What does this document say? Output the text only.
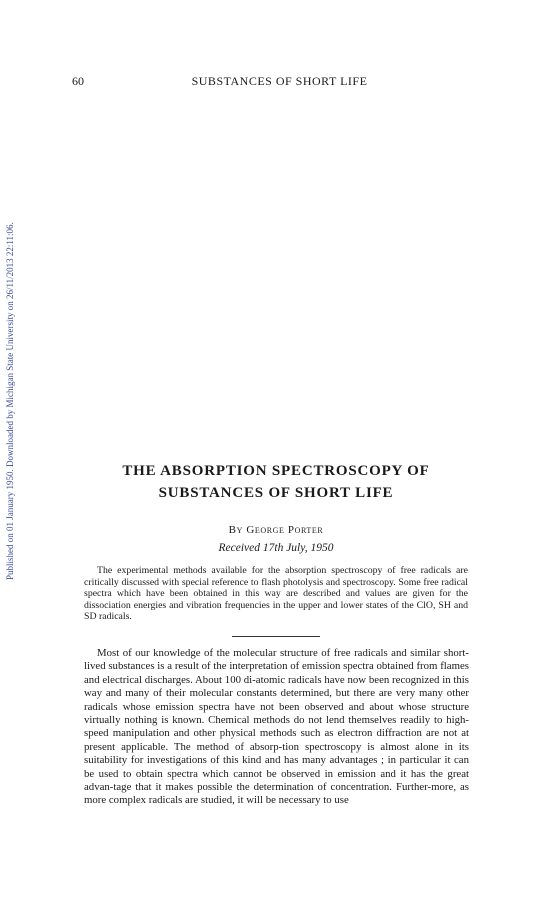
Published on 01 January 1950. Downloaded by Michigan State University on 26/11/2013 22:11:06.
60	SUBSTANCES OF SHORT LIFE
THE ABSORPTION SPECTROSCOPY OF
SUBSTANCES OF SHORT LIFE
By George Porter
Received 17th July, 1950

The experimental methods available for the absorption spectroscopy of free radicals are critically discussed with special reference to flash photolysis and spectroscopy. Some free radical spectra which have been obtained in this way are described and values are given for the dissociation energies and vibration frequencies in the upper and lower states of the ClO, SH and SD radicals.

Most of our knowledge of the molecular structure of free radicals and similar short-lived substances is a result of the interpretation of emission spectra obtained from flames and electrical discharges. About 100 di-atomic radicals have now been recognized in this way and many of their molecular constants determined, but there are very many other radicals whose emission spectra have not been observed and about whose structure virtually nothing is known. Chemical methods do not lend themselves readily to high-speed manipulation and other physical methods such as electron diffraction are not at present applicable. The method of absorp-tion spectroscopy is almost alone in its suitability for investigations of this kind and has many advantages ; in particular it can be used to obtain spectra which cannot be observed in emission and it has the great advan-tage that it makes possible the determination of concentration. Further-more, as more complex radicals are studied, it will be necessary to use
